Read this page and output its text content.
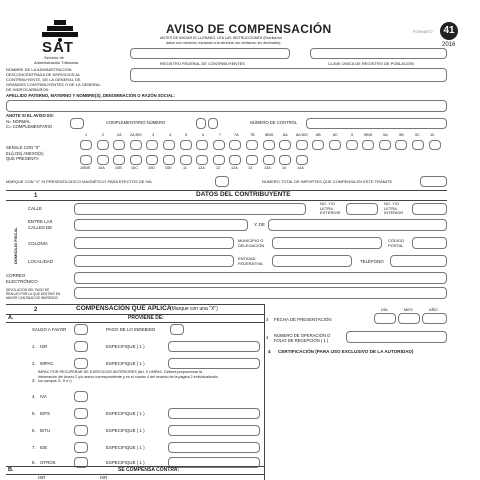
SAT
Servicio de
Administración Tributaria
AVISO DE COMPENSACIÓN
ANTES DE INICIAR EL LLENADO, LEA LAS INSTRUCCIONES (Escriba los
datos con números, iniciando a la derecha; sin centavos, sin decimales)
FORMATO	41
2016
REGISTRO FEDERAL DE CONTRIBUYENTES	CLAVE ÚNICA DE REGISTRO DE POBLACIÓN
NOMBRE DE LA ADMINISTRACIÓN
DESCONCENTRADA DE SERVICIOS AL
CONTRIBUYENTE, DE LA GENERAL DE
GRANDES CONTRIBUYENTES O DE LA GENERAL
DE HIDROCARBUROS:
APELLIDO PATERNO, MATERNO Y NOMBRE(S), DENOMINACIÓN O RAZÓN SOCIAL:
ANOTE SI EL AVISO ES:
N= NORMAL
C= COMPLEMENTARIO
COMPLEMENTARIO NÚMERO	NÚMERO DE CONTROL
SEÑALE CON "X"
EL(LOS) ANEXO(S)
QUE PRESENTA
1	2	2A 2A BIS	3	4	5	6	7	7A	7B	8BIS	8A 8A BIS 8B	8C	9	9BIS	9A	9B	9C	10
10BIS 10A	10B 10C	10D	10E	11	12A	12	12A	13	13A	14	14A
MARQUE CON "X" SI PRESENTA DISCO MAGNÉTICO PARA EFECTOS DE IVA	NÚMERO TOTAL DE IMPORTES QUE COMPENSA EN ESTE TRÁMITE
1	DATOS DEL CONTRIBUYENTE
DOMICILIO FISCAL
CALLE
NO. Y/O
LETRA
EXTERIOR
NO. Y/O
LETRA
INTERIOR
ENTRE LAS
CALLES DE	Y, DE
COLONIA
MUNICIPIO O
DELEGACIÓN
CÓDIGO
POSTAL
LOCALIDAD
ENTIDAD
FEDERATIVA	TELÉFONO
CORREO
ELECTRÓNICO
DEVOLUCIÓN DEL PAGO DE
REALIZÓ POR LA QUE DESTINÓ EN
MAYOR CANTIDAD DE INGRESOS
2	COMPENSACIÓN QUE APLICA
(Marque con una "X")
A.	PROVIENE DE:
SALDO A FAVOR	PAGO DE LO INDEBIDO
1. ISR	ESPECIFIQUE ( 1 )
2. IMPAC	ESPECIFIQUE ( 1 )
3.
IMPAC POR RECUPERAR DE EJERCICIOS ANTERIORES (Art. 9 LIMPAC. Deberá proporcionar la
información del Anexo 2 y/o anexo correspondiente y en el cuadro 4 del reverso de la página 2 individualizado
los campos G, H e I)
4. IVA
5. IEPS	ESPECIFIQUE ( 1 )
6. IETU	ESPECIFIQUE ( 1 )
7. IDE	ESPECIFIQUE ( 1 )
8. OTROS	ESPECIFIQUE ( 1 )
B.	SE COMPENSA CONTRA:
ISR	ISR
DÍA	MES	AÑO
3 FECHA DE PRESENTACIÓN
4 NÚMERO DE OPERACIÓN O
FOLIO DE RECEPCIÓN ( 1 )
4 CERTIFICACIÓN (PARA USO EXCLUSIVO DE LA AUTORIDAD)
